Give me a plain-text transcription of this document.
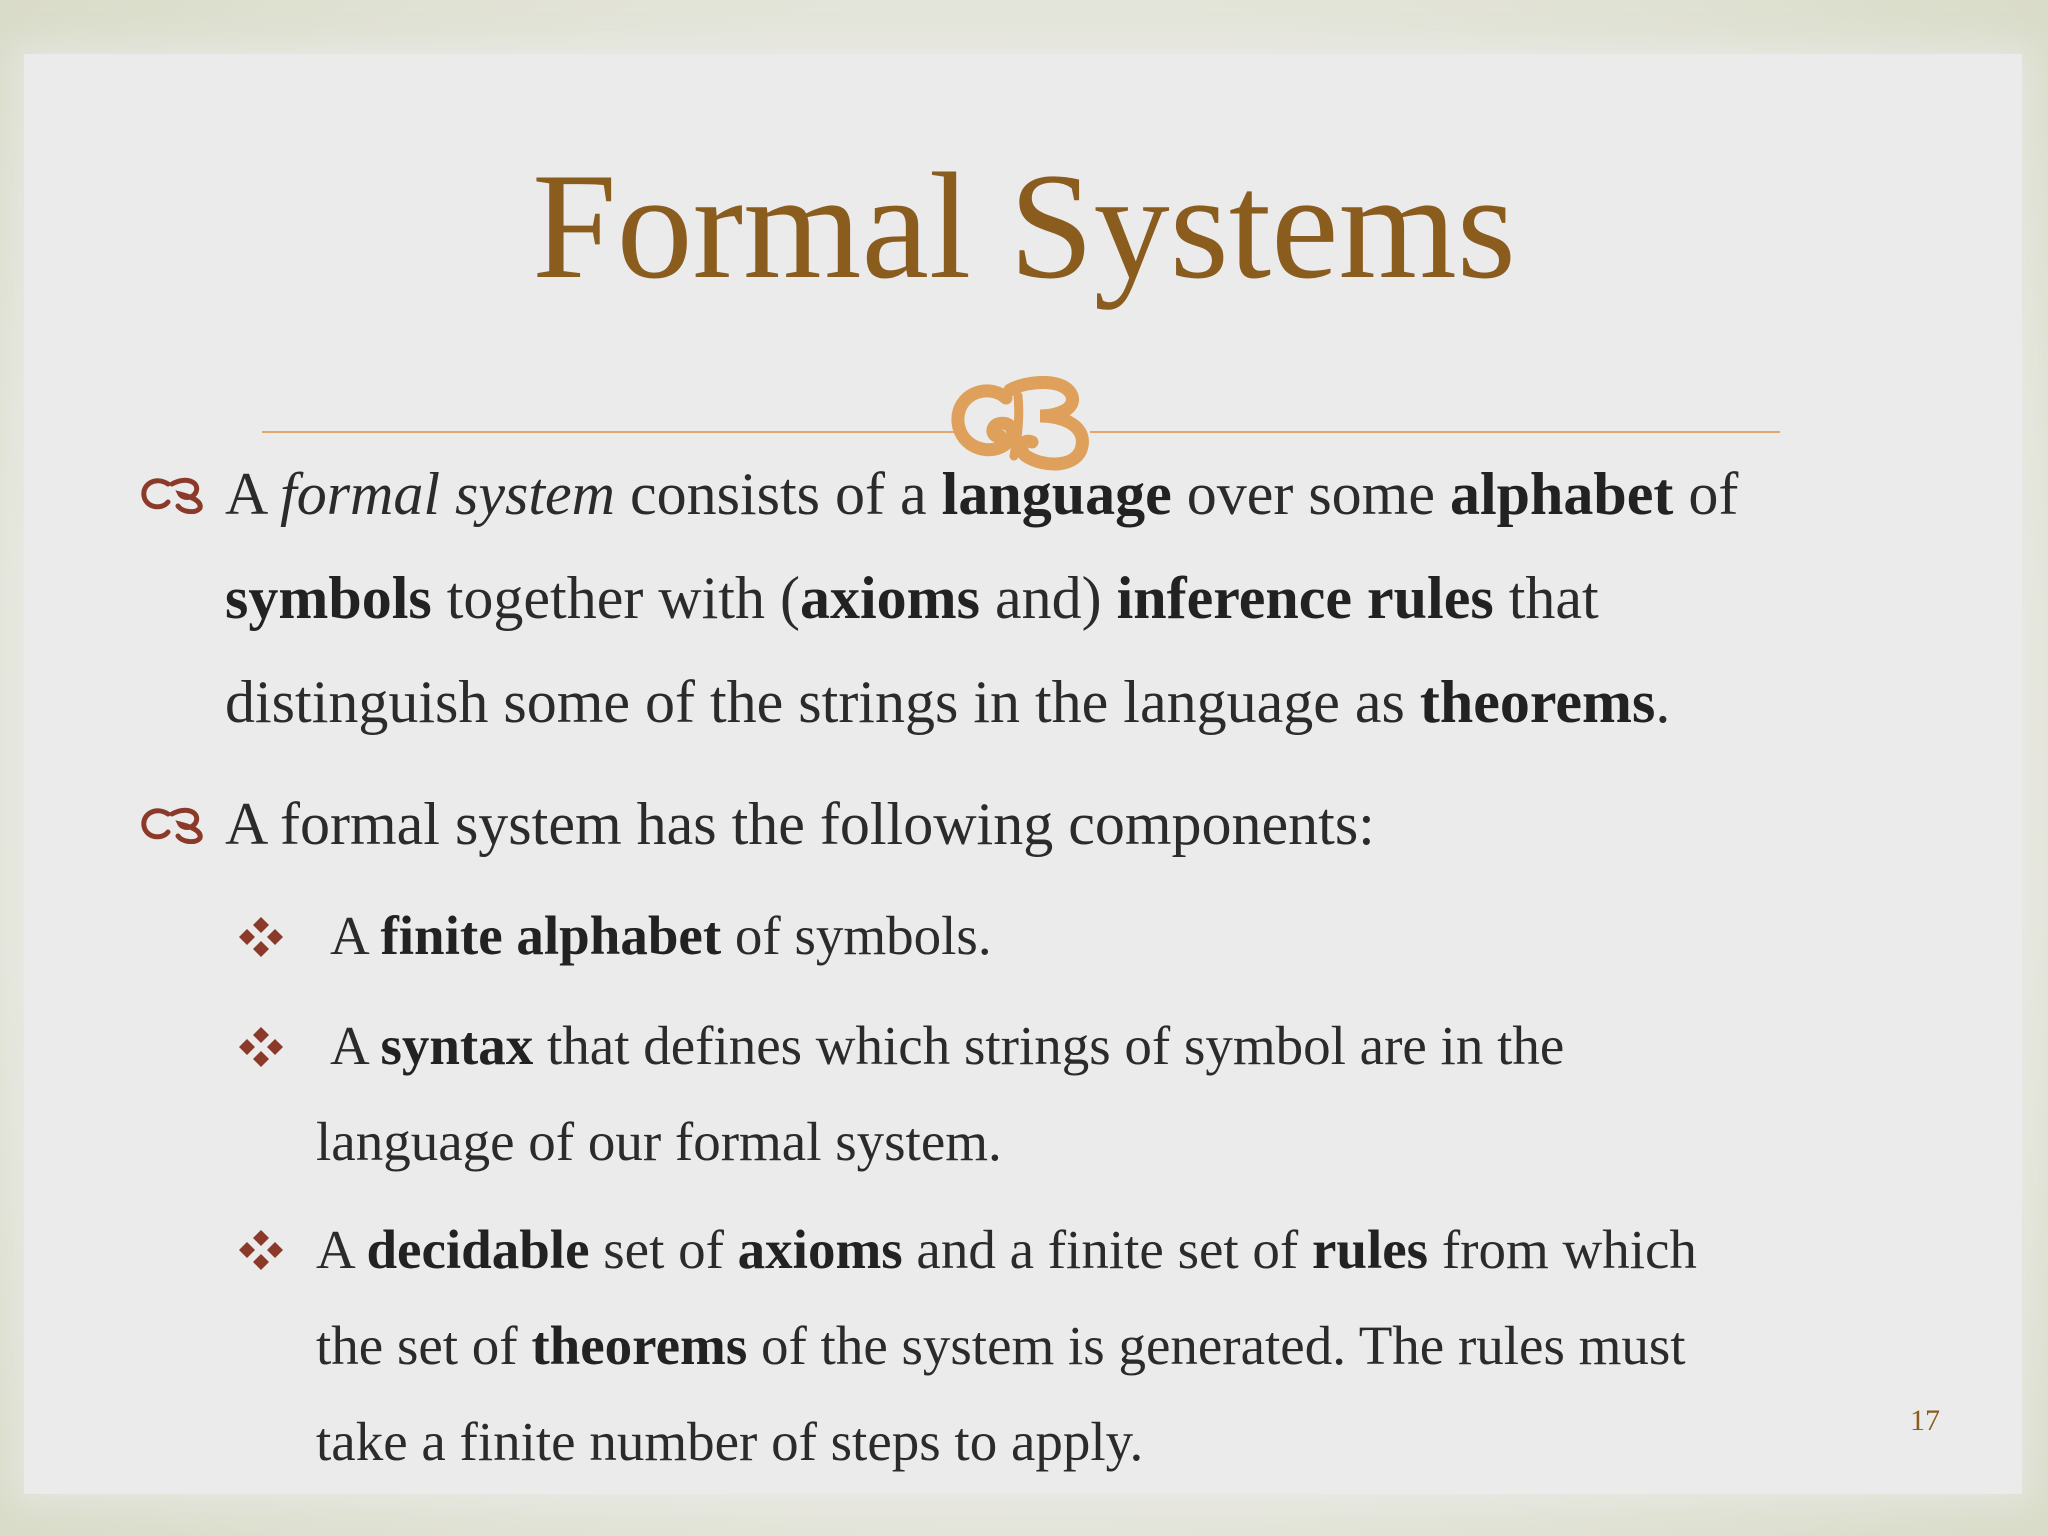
Formal Systems
A formal system consists of a language over some alphabet of
symbols together with (axioms and) inference rules that
distinguish some of the strings in the language as theorems.
A formal system has the following components:
A finite alphabet of symbols.
A syntax that defines which strings of symbol are in the
language of our formal system.
A decidable set of axioms and a finite set of rules from which
the set of theorems of the system is generated. The rules must
take a finite number of steps to apply.	17
